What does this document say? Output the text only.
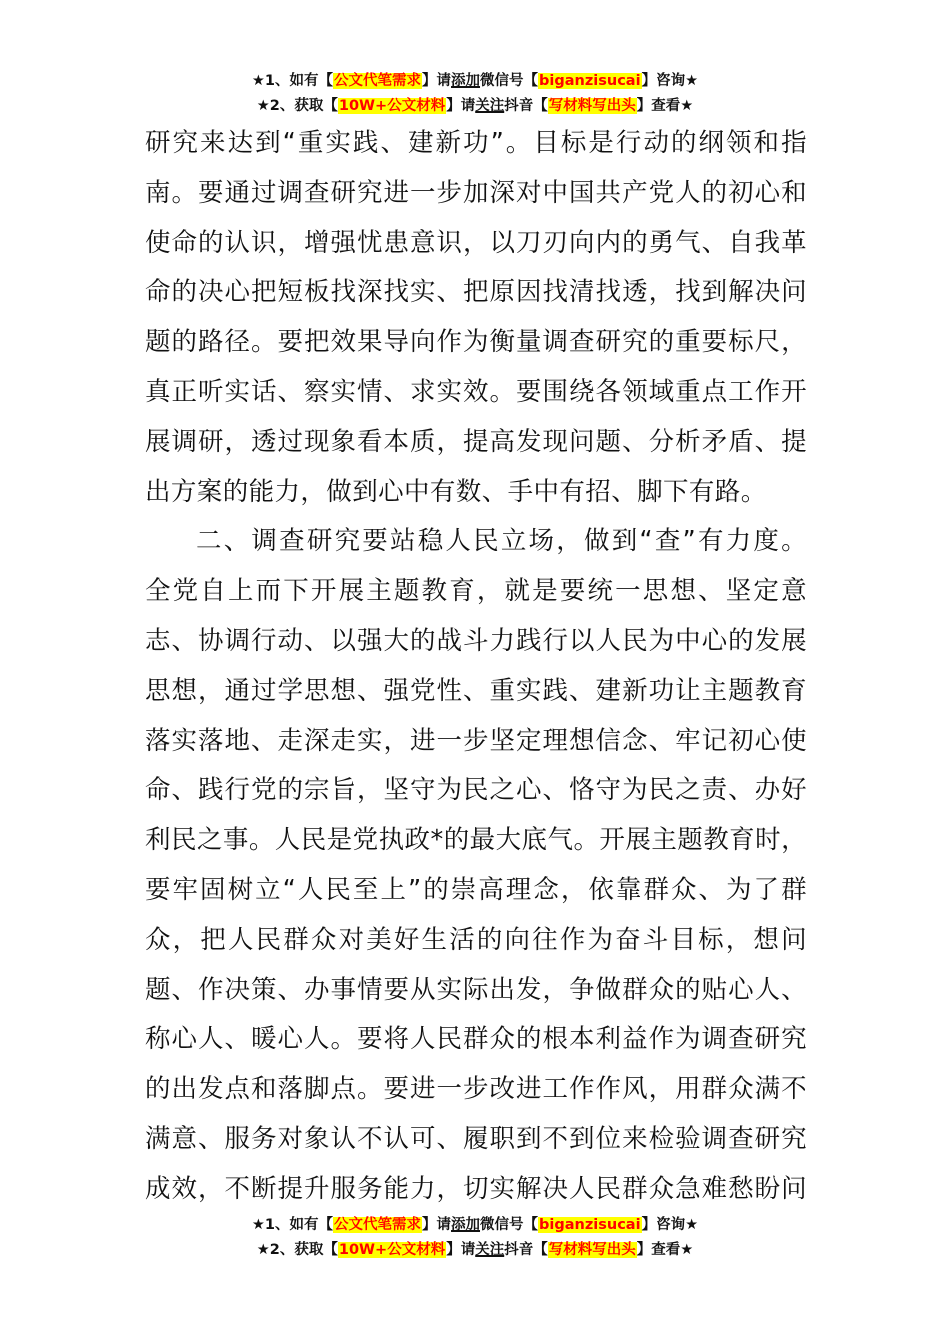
★1、如有【公文代笔需求】请添加微信号【biganzisucai】咨询★
★2、获取【10W+公文材料】请关注抖音【写材料写出头】查看★

研究来达到“重实践、建新功”。目标是行动的纲领和指

南。要通过调查研究进一步加深对中国共产党人的初心和

使命的认识，增强忧患意识，以刀刃向内的勇气、自我革

命的决心把短板找深找实、把原因找清找透，找到解决问

题的路径。要把效果导向作为衡量调查研究的重要标尺，

真正听实话、察实情、求实效。要围绕各领域重点工作开

展调研，透过现象看本质，提高发现问题、分析矛盾、提

出方案的能力，做到心中有数、手中有招、脚下有路。

二、调查研究要站稳人民立场，做到“查”有力度。

全党自上而下开展主题教育，就是要统一思想、坚定意

志、协调行动、以强大的战斗力践行以人民为中心的发展

思想，通过学思想、强党性、重实践、建新功让主题教育

落实落地、走深走实，进一步坚定理想信念、牢记初心使

命、践行党的宗旨，坚守为民之心、恪守为民之责、办好

利民之事。人民是党执政*的最大底气。开展主题教育时，

要牢固树立“人民至上”的崇高理念，依靠群众、为了群

众，把人民群众对美好生活的向往作为奋斗目标，想问

题、作决策、办事情要从实际出发，争做群众的贴心人、

称心人、暖心人。要将人民群众的根本利益作为调查研究

的出发点和落脚点。要进一步改进工作作风，用群众满不

满意、服务对象认不认可、履职到不到位来检验调查研究

成效，不断提升服务能力，切实解决人民群众急难愁盼问

★1、如有【公文代笔需求】请添加微信号【biganzisucai】咨询★
★2、获取【10W+公文材料】请关注抖音【写材料写出头】查看★
